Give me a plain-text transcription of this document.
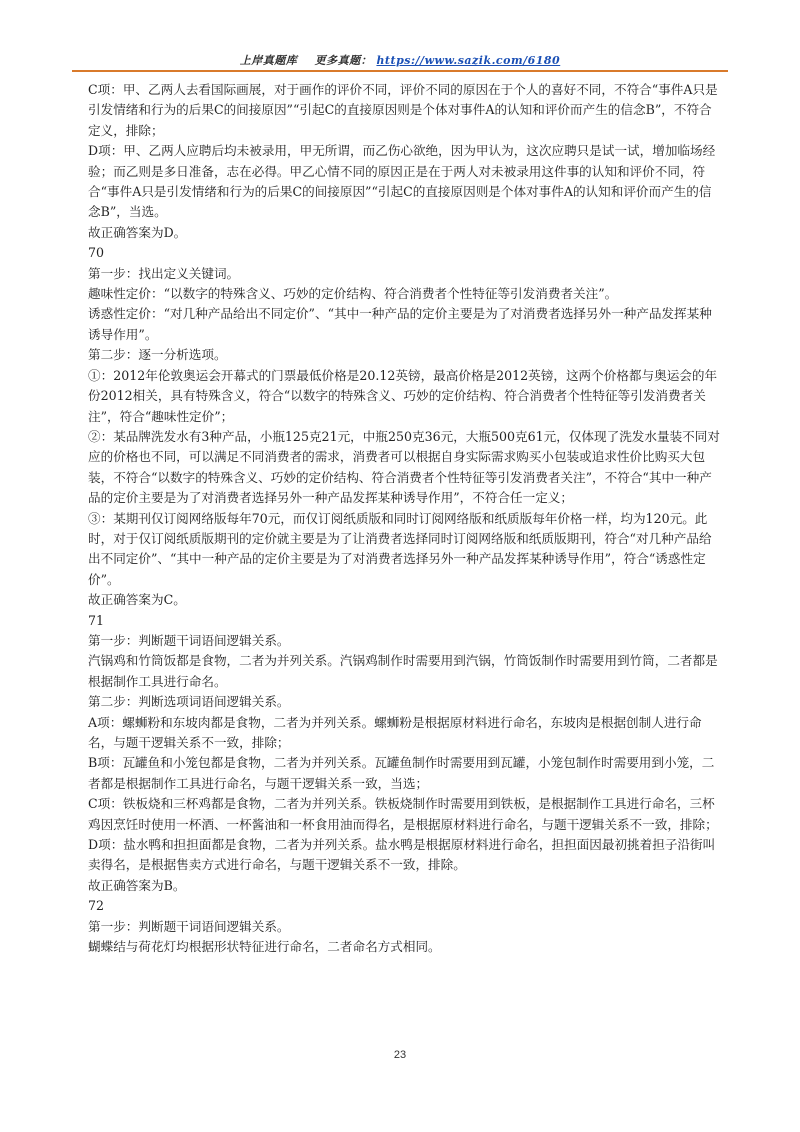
上岸真题库 更多真题： https://www.sazik.com/6180

C项：甲、乙两人去看国际画展，对于画作的评价不同，评价不同的原因在于个人的喜好不同，不符合“事件A只是引发情绪和行为的后果C的间接原因”“引起C的直接原因则是个体对事件A的认知和评价而产生的信念B”，不符合定义，排除；

D项：甲、乙两人应聘后均未被录用，甲无所谓，而乙伤心欲绝，因为甲认为，这次应聘只是试一试，增加临场经验；而乙则是多日准备，志在必得。甲乙心情不同的原因正是在于两人对未被录用这件事的认知和评价不同，符合“事件A只是引发情绪和行为的后果C的间接原因”“引起C的直接原因则是个体对事件A的认知和评价而产生的信念B”，当选。

故正确答案为D。

70

第一步：找出定义关键词。

趣味性定价：“以数字的特殊含义、巧妙的定价结构、符合消费者个性特征等引发消费者关注”。

诱惑性定价：“对几种产品给出不同定价”、“其中一种产品的定价主要是为了对消费者选择另外一种产品发挥某种诱导作用”。

第二步：逐一分析选项。

①：2012年伦敦奥运会开幕式的门票最低价格是20.12英镑，最高价格是2012英镑，这两个价格都与奥运会的年份2012相关，具有特殊含义，符合“以数字的特殊含义、巧妙的定价结构、符合消费者个性特征等引发消费者关注”，符合“趣味性定价”；

②：某品牌洗发水有3种产品，小瓶125克21元，中瓶250克36元，大瓶500克61元，仅体现了洗发水量装不同对应的价格也不同，可以满足不同消费者的需求，消费者可以根据自身实际需求购买小包装或追求性价比购买大包装，不符合“以数字的特殊含义、巧妙的定价结构、符合消费者个性特征等引发消费者关注”，不符合“其中一种产品的定价主要是为了对消费者选择另外一种产品发挥某种诱导作用”，不符合任一定义；

③：某期刊仅订阅网络版每年70元，而仅订阅纸质版和同时订阅网络版和纸质版每年价格一样，均为120元。此时，对于仅订阅纸质版期刊的定价就主要是为了让消费者选择同时订阅网络版和纸质版期刊，符合“对几种产品给出不同定价”、“其中一种产品的定价主要是为了对消费者选择另外一种产品发挥某种诱导作用”，符合“诱惑性定价”。

故正确答案为C。

71

第一步：判断题干词语间逻辑关系。

汽锅鸡和竹筒饭都是食物，二者为并列关系。汽锅鸡制作时需要用到汽锅，竹筒饭制作时需要用到竹筒，二者都是根据制作工具进行命名。

第二步：判断选项词语间逻辑关系。

A项：螺蛳粉和东坡肉都是食物，二者为并列关系。螺蛳粉是根据原材料进行命名，东坡肉是根据创制人进行命名，与题干逻辑关系不一致，排除；

B项：瓦罐鱼和小笼包都是食物，二者为并列关系。瓦罐鱼制作时需要用到瓦罐，小笼包制作时需要用到小笼，二者都是根据制作工具进行命名，与题干逻辑关系一致，当选；

C项：铁板烧和三杯鸡都是食物，二者为并列关系。铁板烧制作时需要用到铁板，是根据制作工具进行命名，三杯鸡因烹饪时使用一杯酒、一杯酱油和一杯食用油而得名，是根据原材料进行命名，与题干逻辑关系不一致，排除；

D项：盐水鸭和担担面都是食物，二者为并列关系。盐水鸭是根据原材料进行命名，担担面因最初挑着担子沿街叫卖得名，是根据售卖方式进行命名，与题干逻辑关系不一致，排除。

故正确答案为B。

72

第一步：判断题干词语间逻辑关系。

蝴蝶结与荷花灯均根据形状特征进行命名，二者命名方式相同。

23
